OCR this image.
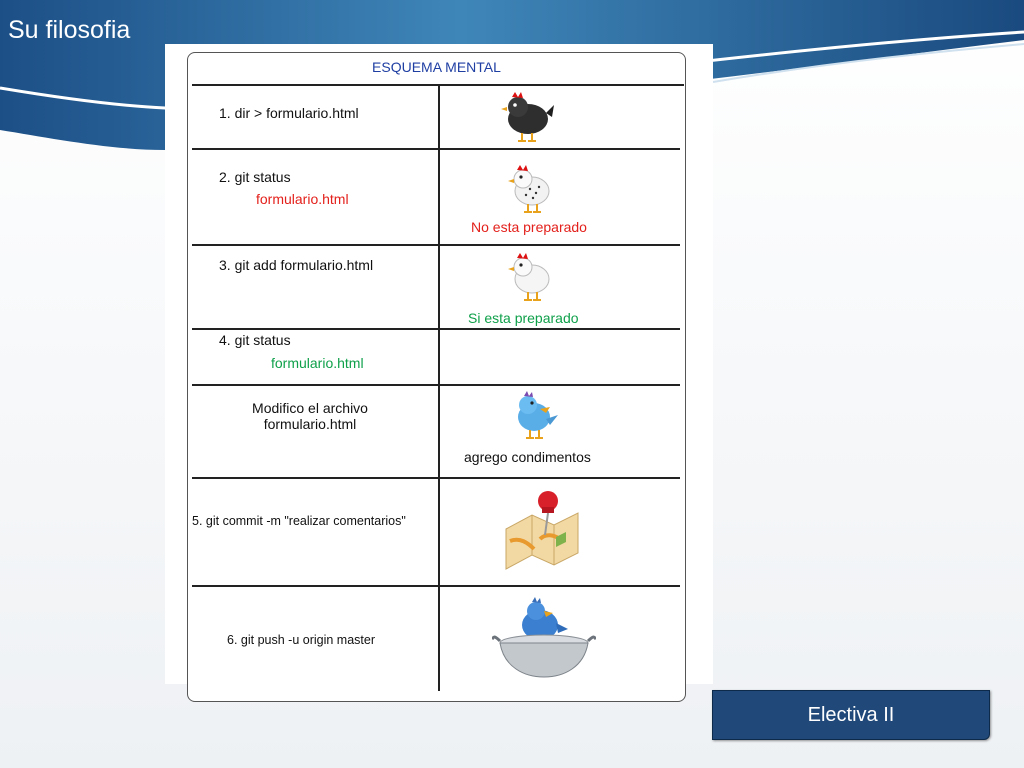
Su filosofia
ESQUEMA MENTAL
1. dir > formulario.html
2. git status
formulario.html
No esta preparado
3. git add formulario.html
Si esta preparado
4. git status
formulario.html
Modifico el archivo
formulario.html
agrego condimentos
5. git commit -m "realizar comentarios"
6. git push -u origin master
Electiva II
